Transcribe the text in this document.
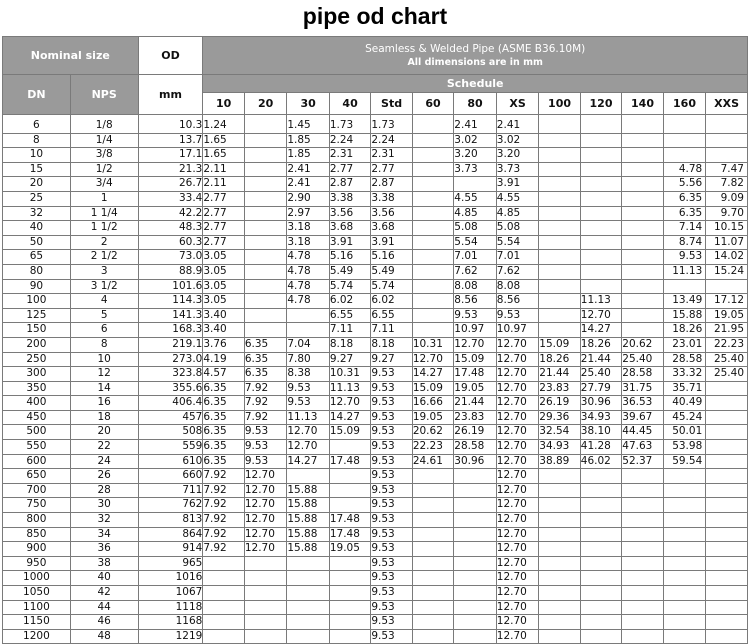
pipe od chart
Nominal size		OD	Seamless & Welded Pipe (ASME B36.10M)
All dimensions are in mm												

DN	NPS	mm	Schedule												
			10	20	30	40	Std	60	80	XS	100	120	140	160	XXS
6	1/8	10.3	1.24		1.45	1.73	1.73		2.41	2.41					
8	1/4	13.7	1.65		1.85	2.24	2.24		3.02	3.02					
10	3/8	17.1	1.65		1.85	2.31	2.31		3.20	3.20					
15	1/2	21.3	2.11		2.41	2.77	2.77		3.73	3.73				4.78	7.47
20	3/4	26.7	2.11		2.41	2.87	2.87			3.91				5.56	7.82
25	1	33.4	2.77		2.90	3.38	3.38		4.55	4.55				6.35	9.09
32	1 1/4	42.2	2.77		2.97	3.56	3.56		4.85	4.85				6.35	9.70
40	1 1/2	48.3	2.77		3.18	3.68	3.68		5.08	5.08				7.14	10.15
50	2	60.3	2.77		3.18	3.91	3.91		5.54	5.54				8.74	11.07
65	2 1/2	73.0	3.05		4.78	5.16	5.16		7.01	7.01				9.53	14.02
80	3	88.9	3.05		4.78	5.49	5.49		7.62	7.62				11.13	15.24
90	3 1/2	101.6	3.05		4.78	5.74	5.74		8.08	8.08					
100	4	114.3	3.05		4.78	6.02	6.02		8.56	8.56		11.13		13.49	17.12
125	5	141.3	3.40			6.55	6.55		9.53	9.53		12.70		15.88	19.05
150	6	168.3	3.40			7.11	7.11		10.97	10.97		14.27		18.26	21.95
200	8	219.1	3.76	6.35	7.04	8.18	8.18	10.31	12.70	12.70	15.09	18.26	20.62	23.01	22.23
250	10	273.0	4.19	6.35	7.80	9.27	9.27	12.70	15.09	12.70	18.26	21.44	25.40	28.58	25.40
300	12	323.8	4.57	6.35	8.38	10.31	9.53	14.27	17.48	12.70	21.44	25.40	28.58	33.32	25.40
350	14	355.6	6.35	7.92	9.53	11.13	9.53	15.09	19.05	12.70	23.83	27.79	31.75	35.71	
400	16	406.4	6.35	7.92	9.53	12.70	9.53	16.66	21.44	12.70	26.19	30.96	36.53	40.49	
450	18	457	6.35	7.92	11.13	14.27	9.53	19.05	23.83	12.70	29.36	34.93	39.67	45.24	
500	20	508	6.35	9.53	12.70	15.09	9.53	20.62	26.19	12.70	32.54	38.10	44.45	50.01	
550	22	559	6.35	9.53	12.70		9.53	22.23	28.58	12.70	34.93	41.28	47.63	53.98	
600	24	610	6.35	9.53	14.27	17.48	9.53	24.61	30.96	12.70	38.89	46.02	52.37	59.54	
650	26	660	7.92	12.70			9.53			12.70					
700	28	711	7.92	12.70	15.88		9.53			12.70					
750	30	762	7.92	12.70	15.88		9.53			12.70					
800	32	813	7.92	12.70	15.88	17.48	9.53			12.70					
850	34	864	7.92	12.70	15.88	17.48	9.53			12.70					
900	36	914	7.92	12.70	15.88	19.05	9.53			12.70					
950	38	965					9.53			12.70					
1000	40	1016					9.53			12.70					
1050	42	1067					9.53			12.70					
1100	44	1118					9.53			12.70					
1150	46	1168					9.53			12.70					
1200	48	1219					9.53			12.70					
